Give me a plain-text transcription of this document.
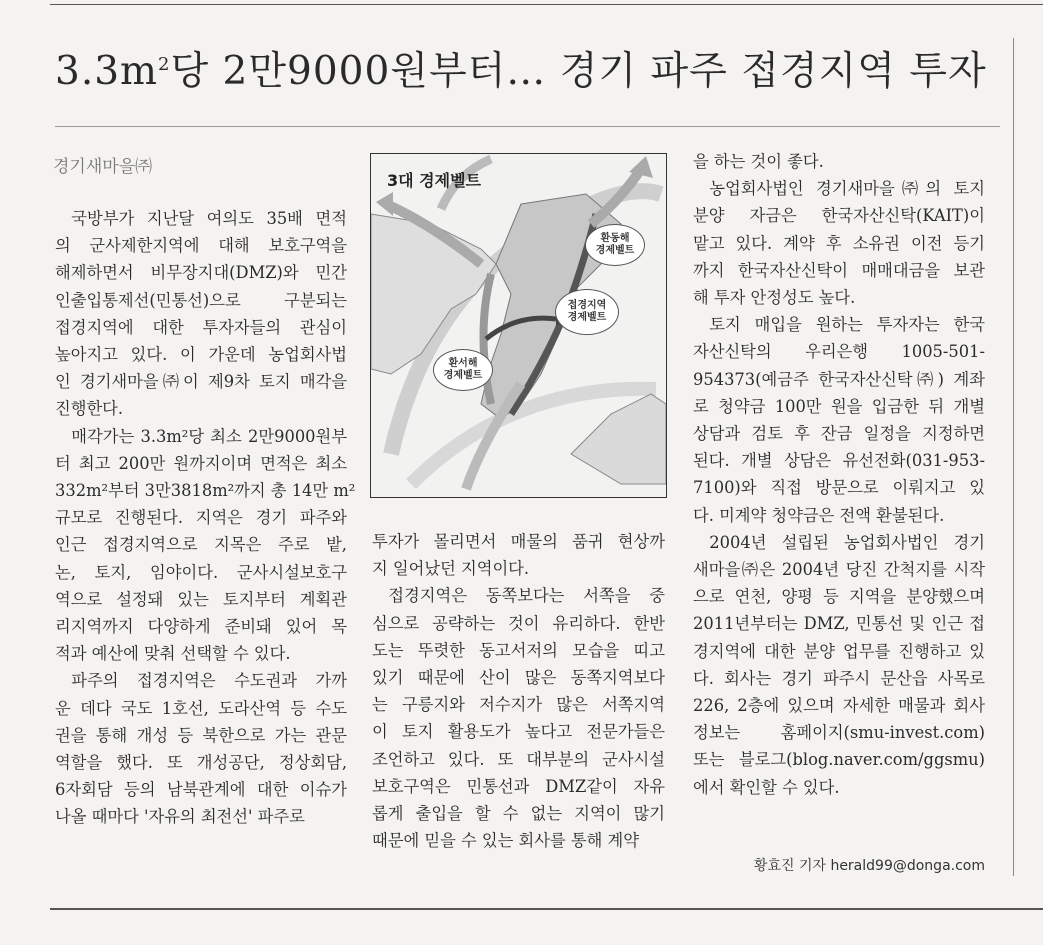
$3.3m^2$당 2만9000원부터… 경기 파주 접경지역 투자
경기새마을㈜

국방부가 지난달 여의도 35배 면적
의 군사제한지역에 대해 보호구역을
해제하면서 비무장지대(DMZ)와 민간
인출입통제선(민통선)으로 구분되는
접경지역에 대한 투자자들의 관심이
높아지고 있다. 이 가운데 농업회사법
인 경기새마을㈜이 제9차 토지 매각을
진행한다.

매각가는 3.3m²당 최소 2만9000원부
터 최고 200만 원까지이며 면적은 최소
332m²부터 3만3818m²까지 총 14만 m²
규모로 진행된다. 지역은 경기 파주와
인근 접경지역으로 지목은 주로 밭,
논, 토지, 임야이다. 군사시설보호구
역으로 설정돼 있는 토지부터 계획관
리지역까지 다양하게 준비돼 있어 목
적과 예산에 맞춰 선택할 수 있다.

파주의 접경지역은 수도권과 가까
운 데다 국도 1호선, 도라산역 등 수도
권을 통해 개성 등 북한으로 가는 관문
역할을 했다. 또 개성공단, 정상회담,
6자회담 등의 남북관계에 대한 이슈가
나올 때마다 '자유의 최전선' 파주로

3대 경제벨트
환동해
경제벨트
접경지역
경제벨트
환서해
경제벨트

투자가 몰리면서 매물의 품귀 현상까
지 일어났던 지역이다.

접경지역은 동쪽보다는 서쪽을 중
심으로 공략하는 것이 유리하다. 한반
도는 뚜렷한 동고서저의 모습을 띠고
있기 때문에 산이 많은 동쪽지역보다
는 구릉지와 저수지가 많은 서쪽지역
이 토지 활용도가 높다고 전문가들은
조언하고 있다. 또 대부분의 군사시설
보호구역은 민통선과 DMZ같이 자유
롭게 출입을 할 수 없는 지역이 많기
때문에 믿을 수 있는 회사를 통해 계약

을 하는 것이 좋다.

농업회사법인 경기새마을㈜의 토지
분양 자금은 한국자산신탁(KAIT)이
맡고 있다. 계약 후 소유권 이전 등기
까지 한국자산신탁이 매매대금을 보관
해 투자 안정성도 높다.

토지 매입을 원하는 투자자는 한국
자산신탁의 우리은행 1005-501-
954373(예금주 한국자산신탁㈜) 계좌
로 청약금 100만 원을 입금한 뒤 개별
상담과 검토 후 잔금 일정을 지정하면
된다. 개별 상담은 유선전화(031-953-
7100)와 직접 방문으로 이뤄지고 있
다. 미계약 청약금은 전액 환불된다.

2004년 설립된 농업회사법인 경기
새마을㈜은 2004년 당진 간척지를 시작
으로 연천, 양평 등 지역을 분양했으며
2011년부터는 DMZ, 민통선 및 인근 접
경지역에 대한 분양 업무를 진행하고 있
다. 회사는 경기 파주시 문산읍 사목로
226, 2층에 있으며 자세한 매물과 회사
정보는 홈페이지(smu-invest.com)
또는 블로그(blog.naver.com/ggsmu)
에서 확인할 수 있다.

황효진 기자 herald99@donga.com
